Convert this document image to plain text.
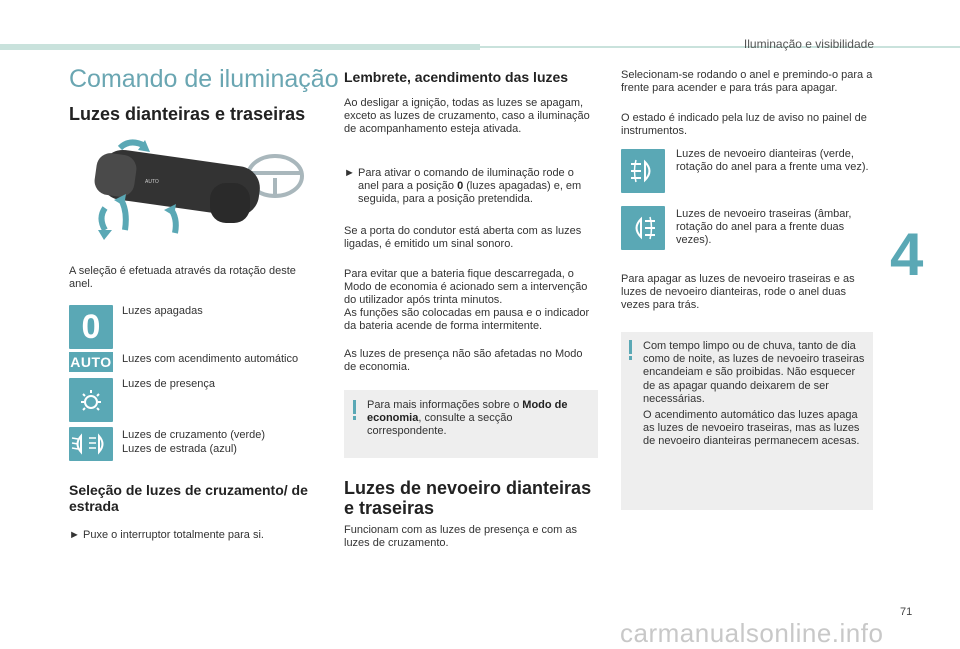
Iluminação e visibilidade
4
71
carmanualsonline.info
Comando de iluminação
Luzes dianteiras e traseiras
AUTO

A seleção é efetuada através da rotação deste anel.

0	Luzes apagadas
AUTO Luzes com acendimento automático
Luzes de presença
Luzes de cruzamento (verde)
Luzes de estrada (azul)
Seleção de luzes de cruzamento/ de estrada
► Puxe o interruptor totalmente para si.
Lembrete, acendimento das luzes

Ao desligar a ignição, todas as luzes se apagam, exceto as luzes de cruzamento, caso a iluminação de acompanhamento esteja ativada.

► Para ativar o comando de iluminação rode o anel para a posição 0 (luzes apagadas) e, em seguida, para a posição pretendida.

Se a porta do condutor está aberta com as luzes ligadas, é emitido um sinal sonoro.

Para evitar que a bateria fique descarregada, o Modo de economia é acionado sem a intervenção do utilizador após trinta minutos.

As funções são colocadas em pausa e o indicador da bateria acende de forma intermitente.

As luzes de presença não são afetadas no Modo de economia.

Para mais informações sobre o Modo de economia, consulte a secção correspondente.
Luzes de nevoeiro dianteiras e traseiras

Funcionam com as luzes de presença e com as luzes de cruzamento.

Selecionam-se rodando o anel e premindo-o para a frente para acender e para trás para apagar.

O estado é indicado pela luz de aviso no painel de instrumentos.

Luzes de nevoeiro dianteiras (verde, rotação do anel para a frente uma vez).

Luzes de nevoeiro traseiras (âmbar, rotação do anel para a frente duas vezes).

Para apagar as luzes de nevoeiro traseiras e as luzes de nevoeiro dianteiras, rode o anel duas vezes para trás.

Com tempo limpo ou de chuva, tanto de dia como de noite, as luzes de nevoeiro traseiras encandeiam e são proibidas. Não esquecer de as apagar quando deixarem de ser necessárias.

O acendimento automático das luzes apaga as luzes de nevoeiro traseiras, mas as luzes de nevoeiro dianteiras permanecem acesas.
